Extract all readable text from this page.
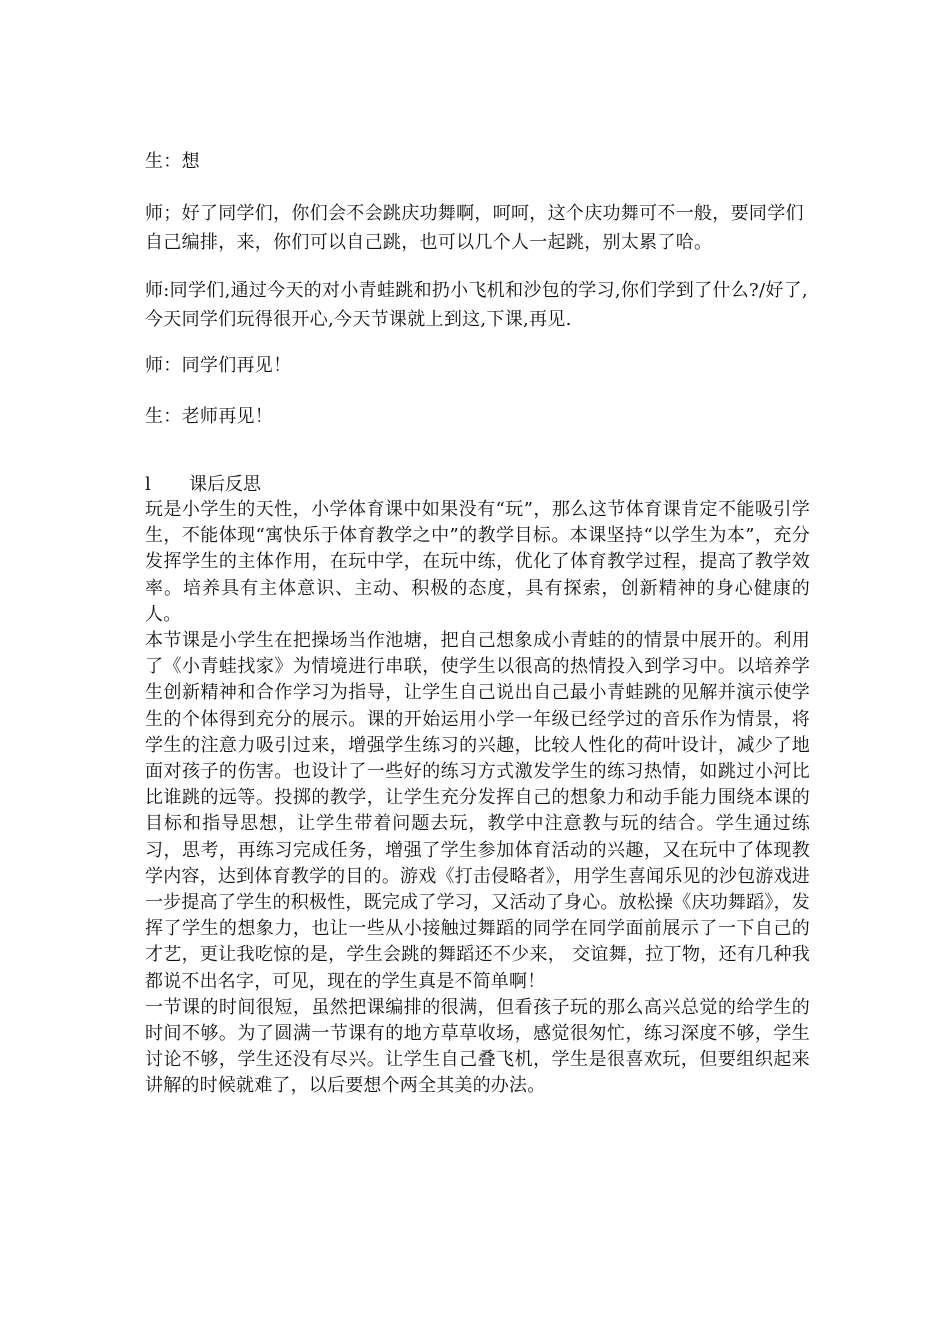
生：想

师；好了同学们，你们会不会跳庆功舞啊，呵呵，这个庆功舞可不一般，要同学们自己编排，来，你们可以自己跳，也可以几个人一起跳，别太累了哈。

师:同学们,通过今天的对小青蛙跳和扔小飞机和沙包的学习,你们学到了什么?/好了,今天同学们玩得很开心,今天节课就上到这,下课,再见.

师：同学们再见！

生：老师再见！

l 课后反思

玩是小学生的天性，小学体育课中如果没有“玩”，那么这节体育课肯定不能吸引学生，不能体现“寓快乐于体育教学之中”的教学目标。本课坚持“以学生为本”，充分发挥学生的主体作用，在玩中学，在玩中练，优化了体育教学过程，提高了教学效率。培养具有主体意识、主动、积极的态度，具有探索，创新精神的身心健康的人。

本节课是小学生在把操场当作池塘，把自己想象成小青蛙的的情景中展开的。利用了《小青蛙找家》为情境进行串联，使学生以很高的热情投入到学习中。以培养学生创新精神和合作学习为指导，让学生自己说出自己最小青蛙跳的见解并演示使学生的个体得到充分的展示。课的开始运用小学一年级已经学过的音乐作为情景，将学生的注意力吸引过来，增强学生练习的兴趣，比较人性化的荷叶设计，减少了地面对孩子的伤害。也设计了一些好的练习方式激发学生的练习热情，如跳过小河比比谁跳的远等。投掷的教学，让学生充分发挥自己的想象力和动手能力围绕本课的目标和指导思想，让学生带着问题去玩，教学中注意教与玩的结合。学生通过练习，思考，再练习完成任务，增强了学生参加体育活动的兴趣，又在玩中了体现教学内容，达到体育教学的目的。游戏《打击侵略者》，用学生喜闻乐见的沙包游戏进一步提高了学生的积极性，既完成了学习，又活动了身心。放松操《庆功舞蹈》，发挥了学生的想象力，也让一些从小接触过舞蹈的同学在同学面前展示了一下自己的才艺，更让我吃惊的是，学生会跳的舞蹈还不少来， 交谊舞，拉丁物，还有几种我都说不出名字，可见，现在的学生真是不简单啊！

一节课的时间很短，虽然把课编排的很满，但看孩子玩的那么高兴总觉的给学生的时间不够。为了圆满一节课有的地方草草收场，感觉很匆忙，练习深度不够，学生讨论不够，学生还没有尽兴。让学生自己叠飞机，学生是很喜欢玩，但要组织起来讲解的时候就难了，以后要想个两全其美的办法。
